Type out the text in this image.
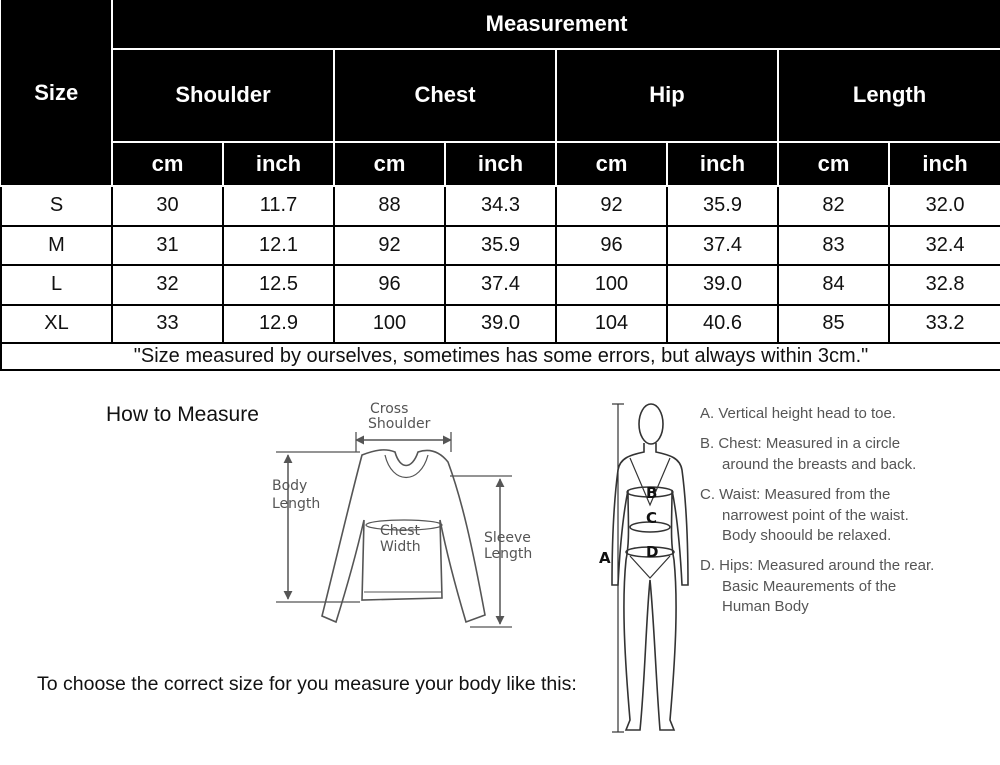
Size	Measurement							
	Shoulder		Chest		Hip		Length	
	cm	inch	cm	inch	cm	inch	cm	inch
S	30	11.7	88	34.3	92	35.9	82	32.0
M	31	12.1	92	35.9	96	37.4	83	32.4
L	32	12.5	96	37.4	100	39.0	84	32.8
XL	33	12.9	100	39.0	104	40.6	85	33.2
"Size measured by ourselves, sometimes has some errors, but always within 3cm."								
How to Measure
To choose the correct size for you measure your body like this:
Cross
Shoulder
Body
Length
Chest
Width
Sleeve
Length	A
B
C
D

A. Vertical height head to toe.

B. Chest: Measured in a circle around the breasts and back.

C. Waist: Measured from the narrowest point of the waist. Body shoould be relaxed.

D. Hips: Measured around the rear. Basic Meaurements of the Human Body
